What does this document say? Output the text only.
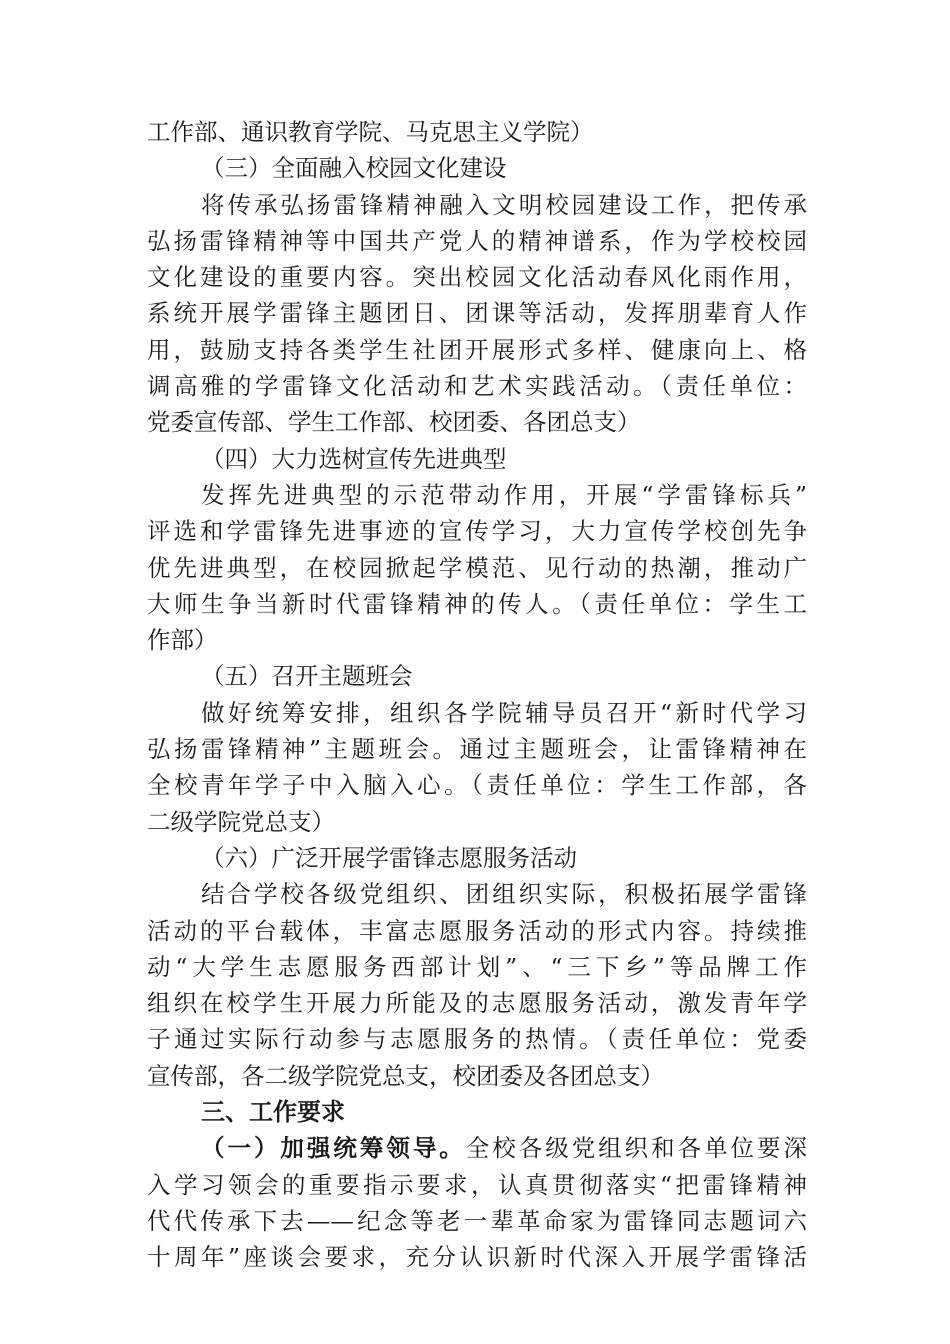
工作部、通识教育学院、马克思主义学院）
（三）全面融入校园文化建设
将传承弘扬雷锋精神融入文明校园建设工作，把传承
弘扬雷锋精神等中国共产党人的精神谱系，作为学校校园
文化建设的重要内容。突出校园文化活动春风化雨作用，
系统开展学雷锋主题团日、团课等活动，发挥朋辈育人作
用，鼓励支持各类学生社团开展形式多样、健康向上、格
调高雅的学雷锋文化活动和艺术实践活动。（责任单位：
党委宣传部、学生工作部、校团委、各团总支）
（四）大力选树宣传先进典型
发挥先进典型的示范带动作用，开展“学雷锋标兵”
评选和学雷锋先进事迹的宣传学习，大力宣传学校创先争
优先进典型，在校园掀起学模范、见行动的热潮，推动广
大师生争当新时代雷锋精神的传人。（责任单位：学生工
作部）
（五）召开主题班会
做好统筹安排，组织各学院辅导员召开“新时代学习
弘扬雷锋精神”主题班会。通过主题班会，让雷锋精神在
全校青年学子中入脑入心。（责任单位：学生工作部，各
二级学院党总支）
（六）广泛开展学雷锋志愿服务活动
结合学校各级党组织、团组织实际，积极拓展学雷锋
活动的平台载体，丰富志愿服务活动的形式内容。持续推
动“大学生志愿服务西部计划”、“三下乡”等品牌工作
组织在校学生开展力所能及的志愿服务活动，激发青年学
子通过实际行动参与志愿服务的热情。（责任单位：党委
宣传部，各二级学院党总支，校团委及各团总支）
三、工作要求
（一）加强统筹领导。全校各级党组织和各单位要深
入学习领会的重要指示要求，认真贯彻落实“把雷锋精神
代代传承下去——纪念等老一辈革命家为雷锋同志题词六
十周年”座谈会要求，充分认识新时代深入开展学雷锋活
